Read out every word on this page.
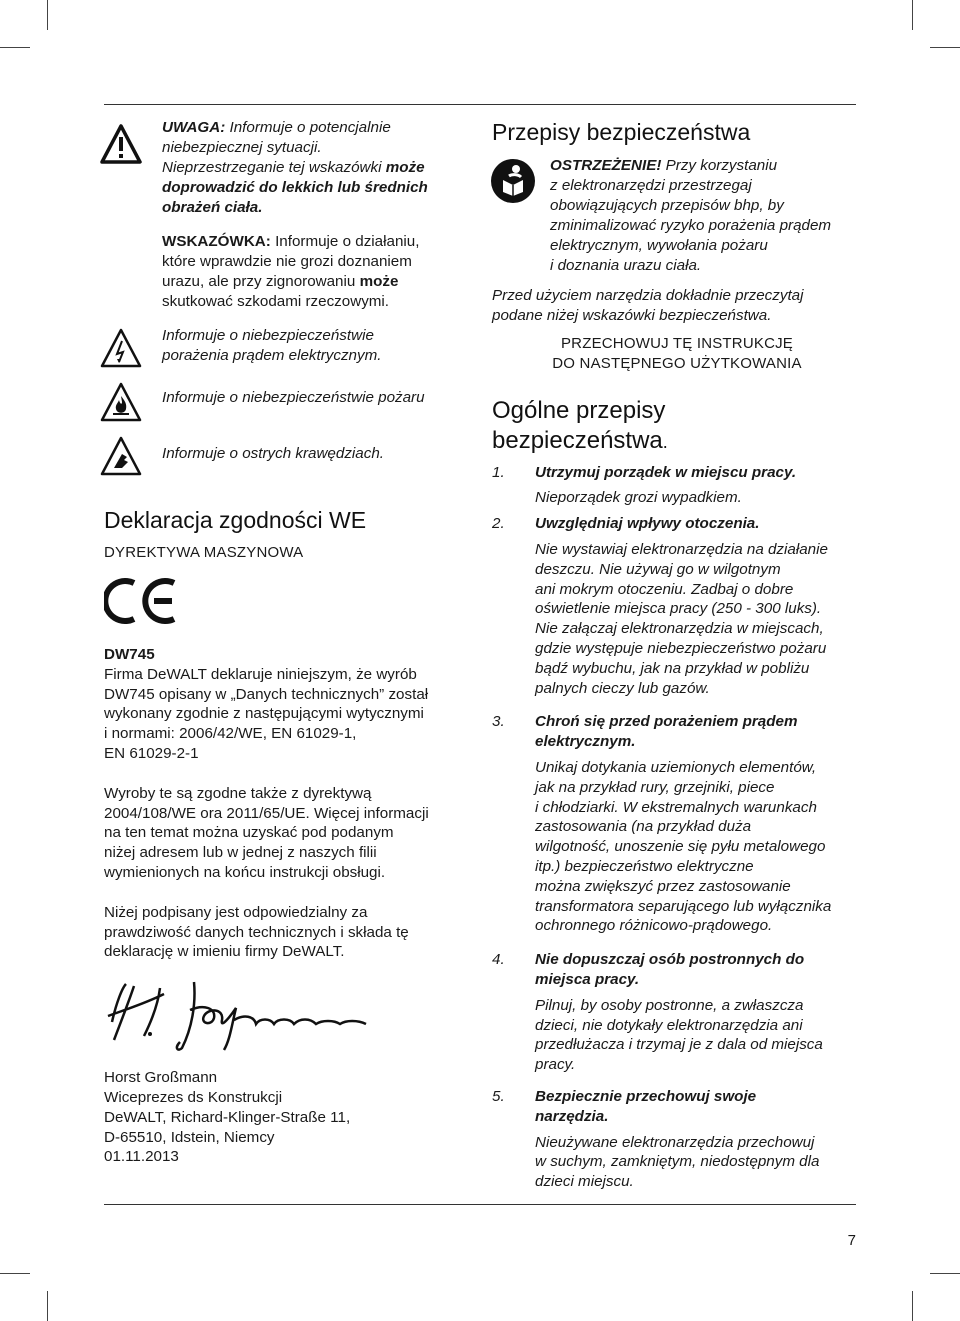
UWAGA: Informuje o potencjalnie
niebezpiecznej sytuacji.
Nieprzestrzeganie tej wskazówki może
doprowadzić do lekkich lub średnich
obrażeń ciała.

WSKAZÓWKA: Informuje o działaniu,
które wprawdzie nie grozi doznaniem
urazu, ale przy zignorowaniu może
skutkować szkodami rzeczowymi.

Informuje o niebezpieczeństwie
porażenia prądem elektrycznym.

Informuje o niebezpieczeństwie pożaru

Informuje o ostrych krawędziach.

Deklaracja zgodności WE
DYREKTYWA MASZYNOWA
DW745

Firma DeWALT deklaruje niniejszym, że wyrób
DW745 opisany w „Danych technicznych” został
wykonany zgodnie z następującymi wytycznymi
i normami: 2006/42/WE, EN 61029-1,
EN 61029-2-1

Wyroby te są zgodne także z dyrektywą
2004/108/WE ora 2011/65/UE. Więcej informacji
na ten temat można uzyskać pod podanym
niżej adresem lub w jednej z naszych filii
wymienionych na końcu instrukcji obsługi.

Niżej podpisany jest odpowiedzialny za
prawdziwość danych technicznych i składa tę
deklarację w imieniu firmy DeWALT.

Horst Großmann
Wiceprezes ds Konstrukcji
DeWALT, Richard-Klinger-Straße 11,
D-65510, Idstein, Niemcy
01.11.2013

Przepisy bezpieczeństwa

OSTRZEŻENIE! Przy korzystaniu
z elektronarzędzi przestrzegaj
obowiązujących przepisów bhp, by
zminimalizować ryzyko porażenia prądem
elektrycznym, wywołania pożaru
i doznania urazu ciała.

Przed użyciem narzędzia dokładnie przeczytaj
podane niżej wskazówki bezpieczeństwa.

PRZECHOWUJ TĘ INSTRUKCJĘ
DO NASTĘPNEGO UŻYTKOWANIA
Ogólne przepisy
bezpieczeństwa.
1. Utrzymuj porządek w miejscu pracy.
Nieporządek grozi wypadkiem.
2. Uwzględniaj wpływy otoczenia.
Nie wystawiaj elektronarzędzia na działanie
deszczu. Nie używaj go w wilgotnym
ani mokrym otoczeniu. Zadbaj o dobre
oświetlenie miejsca pracy (250 - 300 luks).
Nie załączaj elektronarzędzia w miejscach,
gdzie występuje niebezpieczeństwo pożaru
bądź wybuchu, jak na przykład w pobliżu
palnych cieczy lub gazów.
3. Chroń się przed porażeniem prądem
elektrycznym.
Unikaj dotykania uziemionych elementów,
jak na przykład rury, grzejniki, piece
i chłodziarki. W ekstremalnych warunkach
zastosowania (na przykład duża
wilgotność, unoszenie się pyłu metalowego
itp.) bezpieczeństwo elektryczne
można zwiększyć przez zastosowanie
transformatora separującego lub wyłącznika
ochronnego różnicowo-prądowego.
4. Nie dopuszczaj osób postronnych do
miejsca pracy.
Pilnuj, by osoby postronne, a zwłaszcza
dzieci, nie dotykały elektronarzędzia ani
przedłużacza i trzymaj je z dala od miejsca
pracy.
5. Bezpiecznie przechowuj swoje
narzędzia.
Nieużywane elektronarzędzia przechowuj
w suchym, zamkniętym, niedostępnym dla
dzieci miejscu.
7
